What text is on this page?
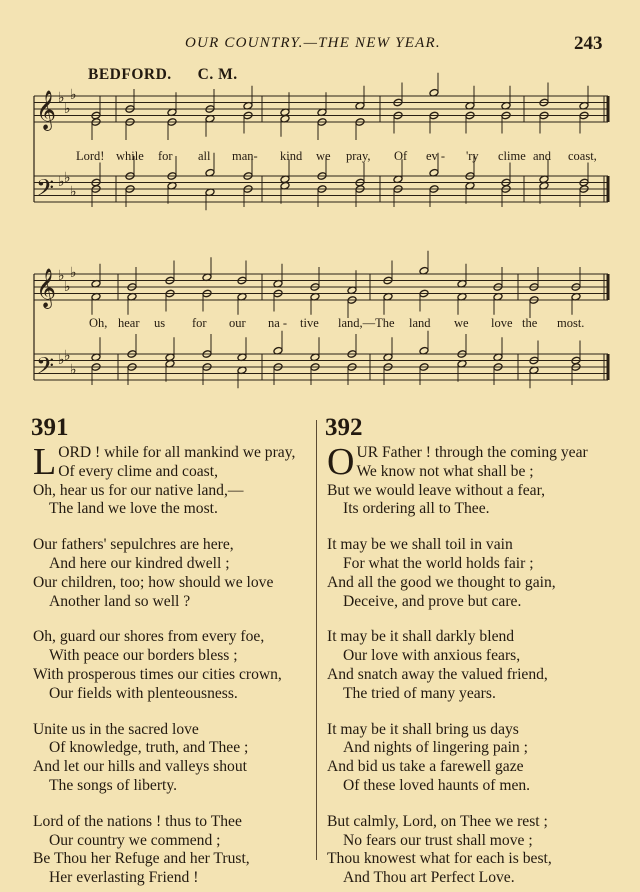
OUR COUNTRY.—THE NEW YEAR.	243
BEDFORD. C. M.
𝄞
𝄢
♭
♭
♭
♭ ♭
♭
𝄞
𝄢
♭
♭
♭
♭ ♭
♭
Lord! while for all man- kind we pray, Of ev - 'ry clime and coast,
Oh, hear us for our na - tive land,—The land we love the most.
391
L ORD ! while for all mankind we pray,
Of every clime and coast,
Oh, hear us for our native land,—
The land we love the most.
Our fathers' sepulchres are here,
And here our kindred dwell ;
Our children, too; how should we love
Another land so well ?
Oh, guard our shores from every foe,
With peace our borders bless ;
With prosperous times our cities crown,
Our fields with plenteousness.
Unite us in the sacred love
Of knowledge, truth, and Thee ;
And let our hills and valleys shout
The songs of liberty.
Lord of the nations ! thus to Thee
Our country we commend ;
Be Thou her Refuge and her Trust,
Her everlasting Friend !
392
O UR Father ! through the coming year
We know not what shall be ;
But we would leave without a fear,
Its ordering all to Thee.
It may be we shall toil in vain
For what the world holds fair ;
And all the good we thought to gain,
Deceive, and prove but care.
It may be it shall darkly blend
Our love with anxious fears,
And snatch away the valued friend,
The tried of many years.
It may be it shall bring us days
And nights of lingering pain ;
And bid us take a farewell gaze
Of these loved haunts of men.
But calmly, Lord, on Thee we rest ;
No fears our trust shall move ;
Thou knowest what for each is best,
And Thou art Perfect Love.
